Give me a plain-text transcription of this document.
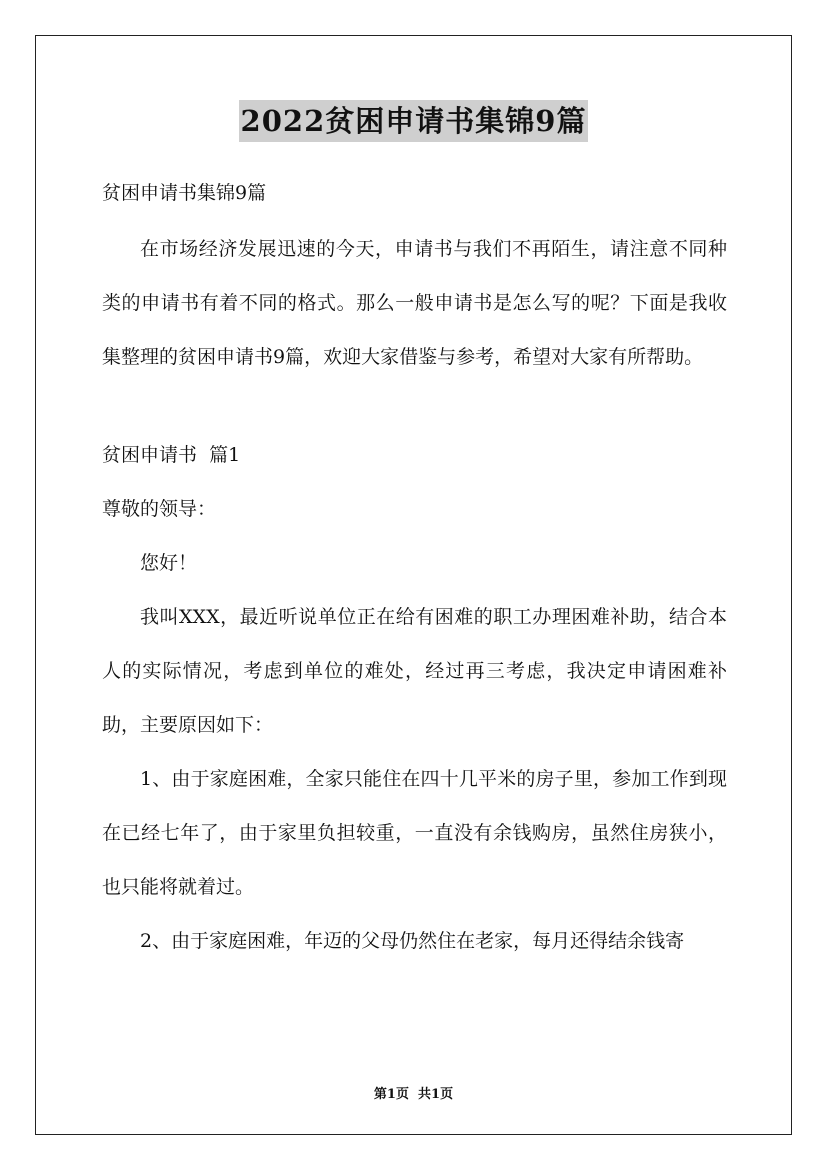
2022贫困申请书集锦9篇

贫困申请书集锦9篇

在市场经济发展迅速的今天，申请书与我们不再陌生，请注意不同种类的申请书有着不同的格式。那么一般申请书是怎么写的呢？下面是我收集整理的贫困申请书9篇，欢迎大家借鉴与参考，希望对大家有所帮助。

贫困申请书  篇1

尊敬的领导：

您好！

我叫XXX，最近听说单位正在给有困难的职工办理困难补助，结合本人的实际情况，考虑到单位的难处，经过再三考虑，我决定申请困难补助，主要原因如下：

1、由于家庭困难，全家只能住在四十几平米的房子里，参加工作到现在已经七年了，由于家里负担较重，一直没有余钱购房，虽然住房狭小，也只能将就着过。

2、由于家庭困难，年迈的父母仍然住在老家，每月还得结余钱寄

第1页  共1页
